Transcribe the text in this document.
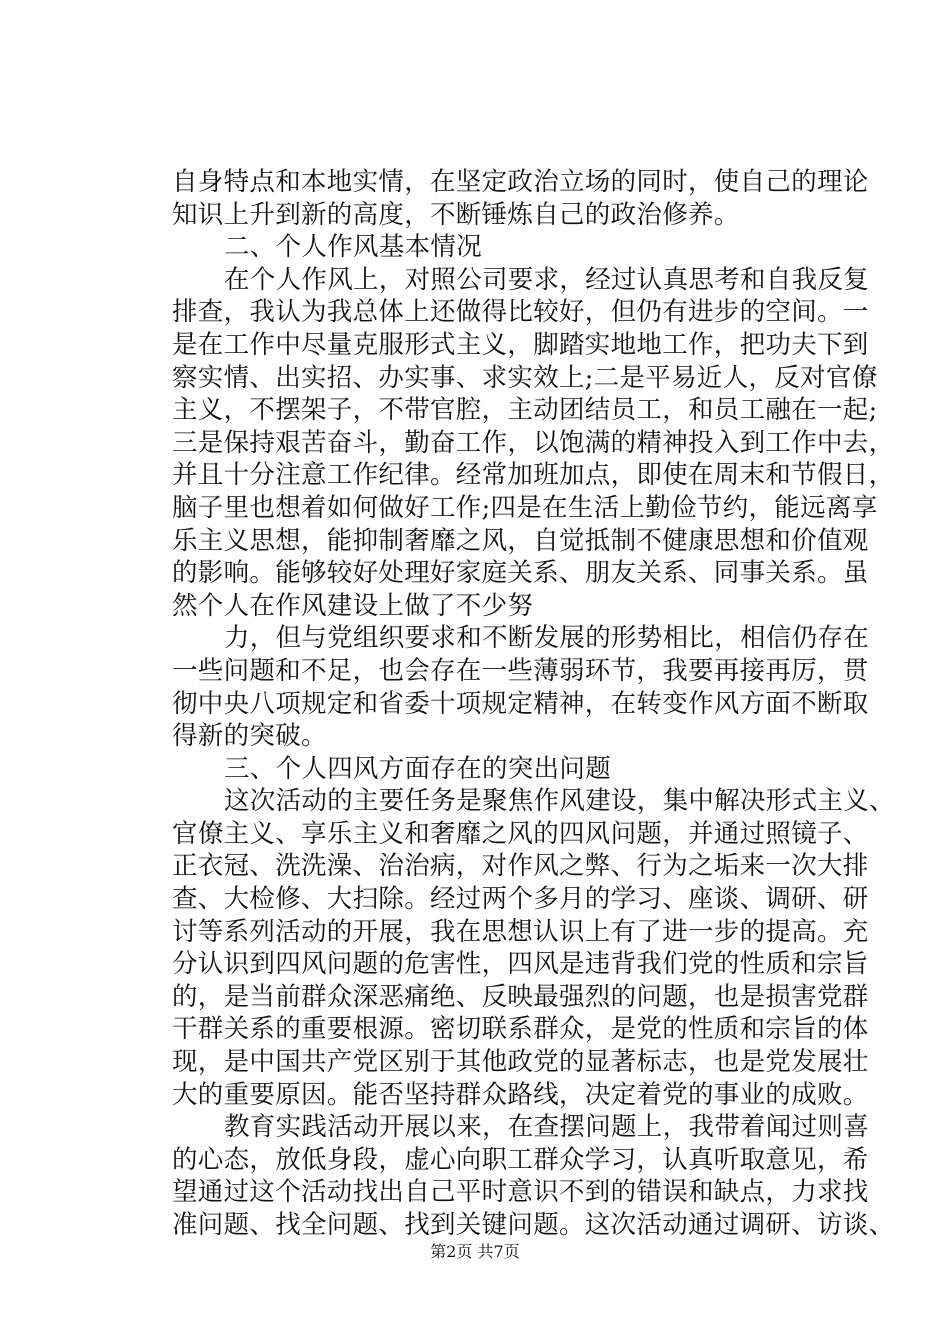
自身特点和本地实情，在坚定政治立场的同时，使自己的理论
知识上升到新的高度，不断锤炼自己的政治修养。
二、个人作风基本情况
在个人作风上，对照公司要求，经过认真思考和自我反复
排查，我认为我总体上还做得比较好，但仍有进步的空间。一
是在工作中尽量克服形式主义，脚踏实地地工作，把功夫下到
察实情、出实招、办实事、求实效上;二是平易近人，反对官僚
主义，不摆架子，不带官腔，主动团结员工，和员工融在一起;
三是保持艰苦奋斗，勤奋工作，以饱满的精神投入到工作中去，
并且十分注意工作纪律。经常加班加点，即使在周末和节假日，
脑子里也想着如何做好工作;四是在生活上勤俭节约，能远离享
乐主义思想，能抑制奢靡之风，自觉抵制不健康思想和价值观
的影响。能够较好处理好家庭关系、朋友关系、同事关系。虽
然个人在作风建设上做了不少努
力，但与党组织要求和不断发展的形势相比，相信仍存在
一些问题和不足，也会存在一些薄弱环节，我要再接再厉，贯
彻中央八项规定和省委十项规定精神，在转变作风方面不断取
得新的突破。
三、个人四风方面存在的突出问题
这次活动的主要任务是聚焦作风建设，集中解决形式主义、
官僚主义、享乐主义和奢靡之风的四风问题，并通过照镜子、
正衣冠、洗洗澡、治治病，对作风之弊、行为之垢来一次大排
查、大检修、大扫除。经过两个多月的学习、座谈、调研、研
讨等系列活动的开展，我在思想认识上有了进一步的提高。充
分认识到四风问题的危害性，四风是违背我们党的性质和宗旨
的，是当前群众深恶痛绝、反映最强烈的问题，也是损害党群
干群关系的重要根源。密切联系群众，是党的性质和宗旨的体
现，是中国共产党区别于其他政党的显著标志，也是党发展壮
大的重要原因。能否坚持群众路线，决定着党的事业的成败。
教育实践活动开展以来，在查摆问题上，我带着闻过则喜
的心态，放低身段，虚心向职工群众学习，认真听取意见，希
望通过这个活动找出自己平时意识不到的错误和缺点，力求找
准问题、找全问题、找到关键问题。这次活动通过调研、访谈、
第2页 共7页
